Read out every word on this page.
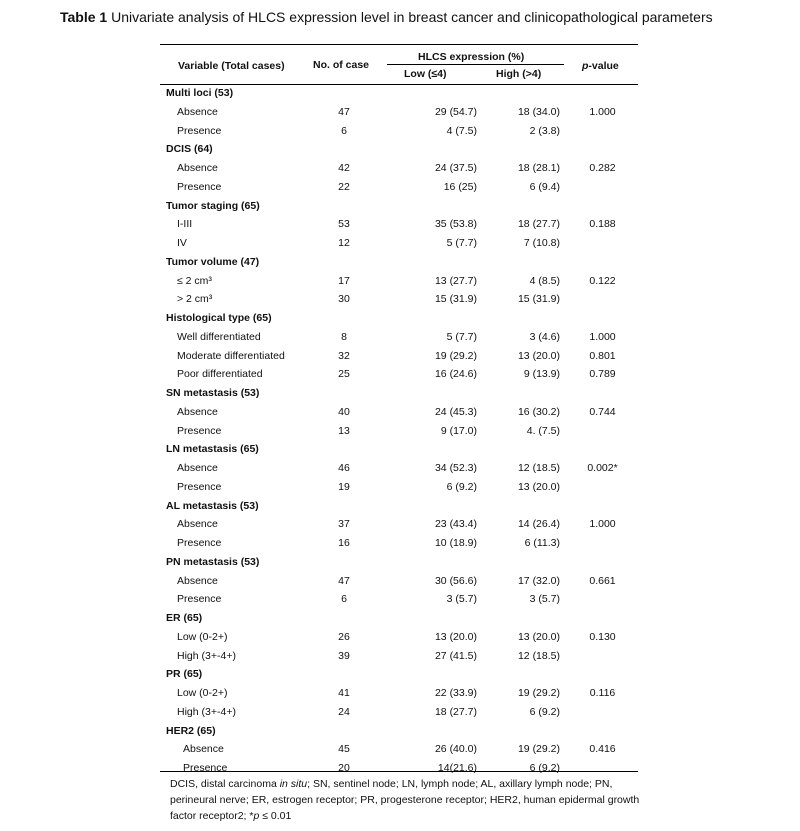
Table 1 Univariate analysis of HLCS expression level in breast cancer and clinicopathological parameters
Variable (Total cases)	No. of case
HLCS expression (%)
Low (≤4)	High (>4)
p-value
Multi loci (53)
Absence	47	29 (54.7)	18 (34.0)	1.000
Presence	6	4 (7.5)	2 (3.8)
DCIS (64)
Absence	42	24 (37.5)	18 (28.1)	0.282
Presence	22	16 (25)	6 (9.4)
Tumor staging (65)
I-III	53	35 (53.8)	18 (27.7)	0.188
IV	12	5 (7.7)	7 (10.8)
Tumor volume (47)
≤ 2 cm³	17	13 (27.7)	4 (8.5)	0.122
> 2 cm³	30	15 (31.9)	15 (31.9)
Histological type (65)
Well differentiated	8	5 (7.7)	3 (4.6)	1.000
Moderate differentiated	32	19 (29.2)	13 (20.0)	0.801
Poor differentiated	25	16 (24.6)	9 (13.9)	0.789
SN metastasis (53)
Absence	40	24 (45.3)	16 (30.2)	0.744
Presence	13	9 (17.0)	4. (7.5)
LN metastasis (65)
Absence	46	34 (52.3)	12 (18.5)	0.002*
Presence	19	6 (9.2)	13 (20.0)
AL metastasis (53)
Absence	37	23 (43.4)	14 (26.4)	1.000
Presence	16	10 (18.9)	6 (11.3)
PN metastasis (53)
Absence	47	30 (56.6)	17 (32.0)	0.661
Presence	6	3 (5.7)	3 (5.7)
ER (65)
Low (0-2+)	26	13 (20.0)	13 (20.0)	0.130
High (3+-4+)	39	27 (41.5)	12 (18.5)
PR (65)
Low (0-2+)	41	22 (33.9)	19 (29.2)	0.116
High (3+-4+)	24	18 (27.7)	6 (9.2)
HER2 (65)
Absence	45	26 (40.0)	19 (29.2)	0.416
Presence	20	14(21.6)	6 (9.2)
DCIS, distal carcinoma in situ; SN, sentinel node; LN, lymph node; AL, axillary lymph node; PN, perineural nerve; ER, estrogen receptor; PR, progesterone receptor; HER2, human epidermal growth factor receptor2; *p ≤ 0.01
